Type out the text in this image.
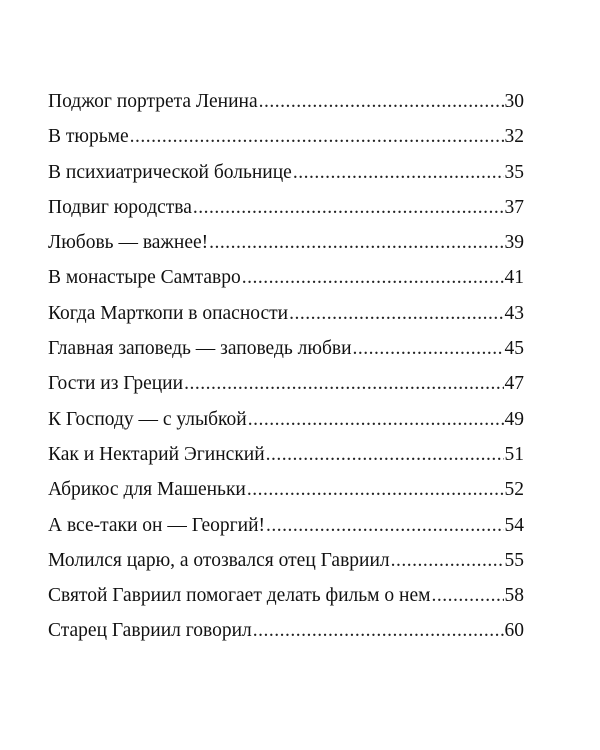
Поджог портрета Ленина .....	30
В тюрьме .....	32
В психиатрической больнице .....	35
Подвиг юродства .....	37
Любовь — важнее! .....	39
В монастыре Самтавро .....	41
Когда Марткопи в опасности .....	43
Главная заповедь — заповедь любви .....	45
Гости из Греции .....	47
К Господу — с улыбкой .....	49
Как и Нектарий Эгинский .....	51
Абрикос для Машеньки .....	52
А все-таки он — Георгий! .....	54
Молился царю, а отозвался отец Гавриил .....	55
Святой Гавриил помогает делать фильм о нем .....	58
Старец Гавриил говорил .....	60
